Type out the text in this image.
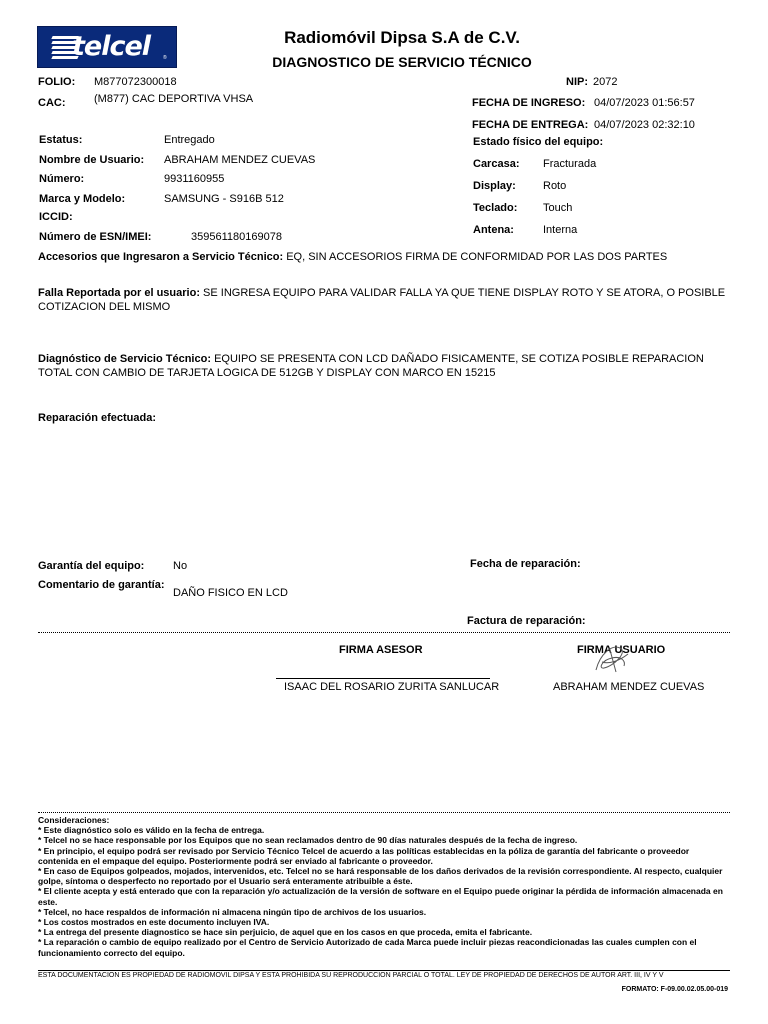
telcel	®
Radiomóvil Dipsa S.A de C.V.
DIAGNOSTICO DE SERVICIO TÉCNICO
FOLIO: M877072300018
CAC:	(M877) CAC DEPORTIVA VHSA
NIP: 2072
FECHA DE INGRESO: 04/07/2023 01:56:57
FECHA DE ENTREGA: 04/07/2023 02:32:10
Estatus:	Entregado
Nombre de Usuario: ABRAHAM MENDEZ CUEVAS
Número:	9931160955
Marca y Modelo:	SAMSUNG - S916B 512
ICCID:
Número de ESN/IMEI:	359561180169078
Estado físico del equipo:
Carcasa: Fracturada
Display: Roto
Teclado: Touch
Antena:	Interna
Accesorios que Ingresaron a Servicio Técnico: EQ, SIN ACCESORIOS FIRMA DE CONFORMIDAD POR LAS DOS PARTES
Falla Reportada por el usuario: SE INGRESA EQUIPO PARA VALIDAR FALLA YA QUE TIENE DISPLAY ROTO Y SE ATORA, O POSIBLE COTIZACION DEL MISMO
Diagnóstico de Servicio Técnico: EQUIPO SE PRESENTA CON LCD DAÑADO FISICAMENTE, SE COTIZA POSIBLE REPARACION TOTAL CON CAMBIO DE TARJETA LOGICA DE 512GB Y DISPLAY CON MARCO EN 15215
Reparación efectuada:
Garantía del equipo:	No
Comentario de garantía:
DAÑO FISICO EN LCD
Fecha de reparación:
Factura de reparación:
FIRMA ASESOR	FIRMA USUARIO
ISAAC DEL ROSARIO ZURITA SANLUCAR	ABRAHAM MENDEZ CUEVAS
Consideraciones:
* Este diagnóstico solo es válido en la fecha de entrega.
* Telcel no se hace responsable por los Equipos que no sean reclamados dentro de 90 días naturales después de la fecha de ingreso.
* En principio, el equipo podrá ser revisado por Servicio Técnico Telcel de acuerdo a las políticas establecidas en la póliza de garantía del fabricante o proveedor contenida en el empaque del equipo. Posteriormente podrá ser enviado al fabricante o proveedor.
* En caso de Equipos golpeados, mojados, intervenidos, etc. Telcel no se hará responsable de los daños derivados de la revisión correspondiente. Al respecto, cualquier golpe, síntoma o desperfecto no reportado por el Usuario será enteramente atribuible a éste.
* El cliente acepta y está enterado que con la reparación y/o actualización de la versión de software en el Equipo puede originar la pérdida de información almacenada en este.
* Telcel, no hace respaldos de información ni almacena ningún tipo de archivos de los usuarios.
* Los costos mostrados en este documento incluyen IVA.
* La entrega del presente diagnostico se hace sin perjuicio, de aquel que en los casos en que proceda, emita el fabricante.
* La reparación o cambio de equipo realizado por el Centro de Servicio Autorizado de cada Marca puede incluir piezas reacondicionadas las cuales cumplen con el funcionamiento correcto del equipo.
ESTA DOCUMENTACION ES PROPIEDAD DE RADIOMOVIL DIPSA Y ESTA PROHIBIDA SU REPRODUCCION PARCIAL O TOTAL. LEY DE PROPIEDAD DE DERECHOS DE AUTOR ART. III, IV Y V
FORMATO: F-09.00.02.05.00-019
